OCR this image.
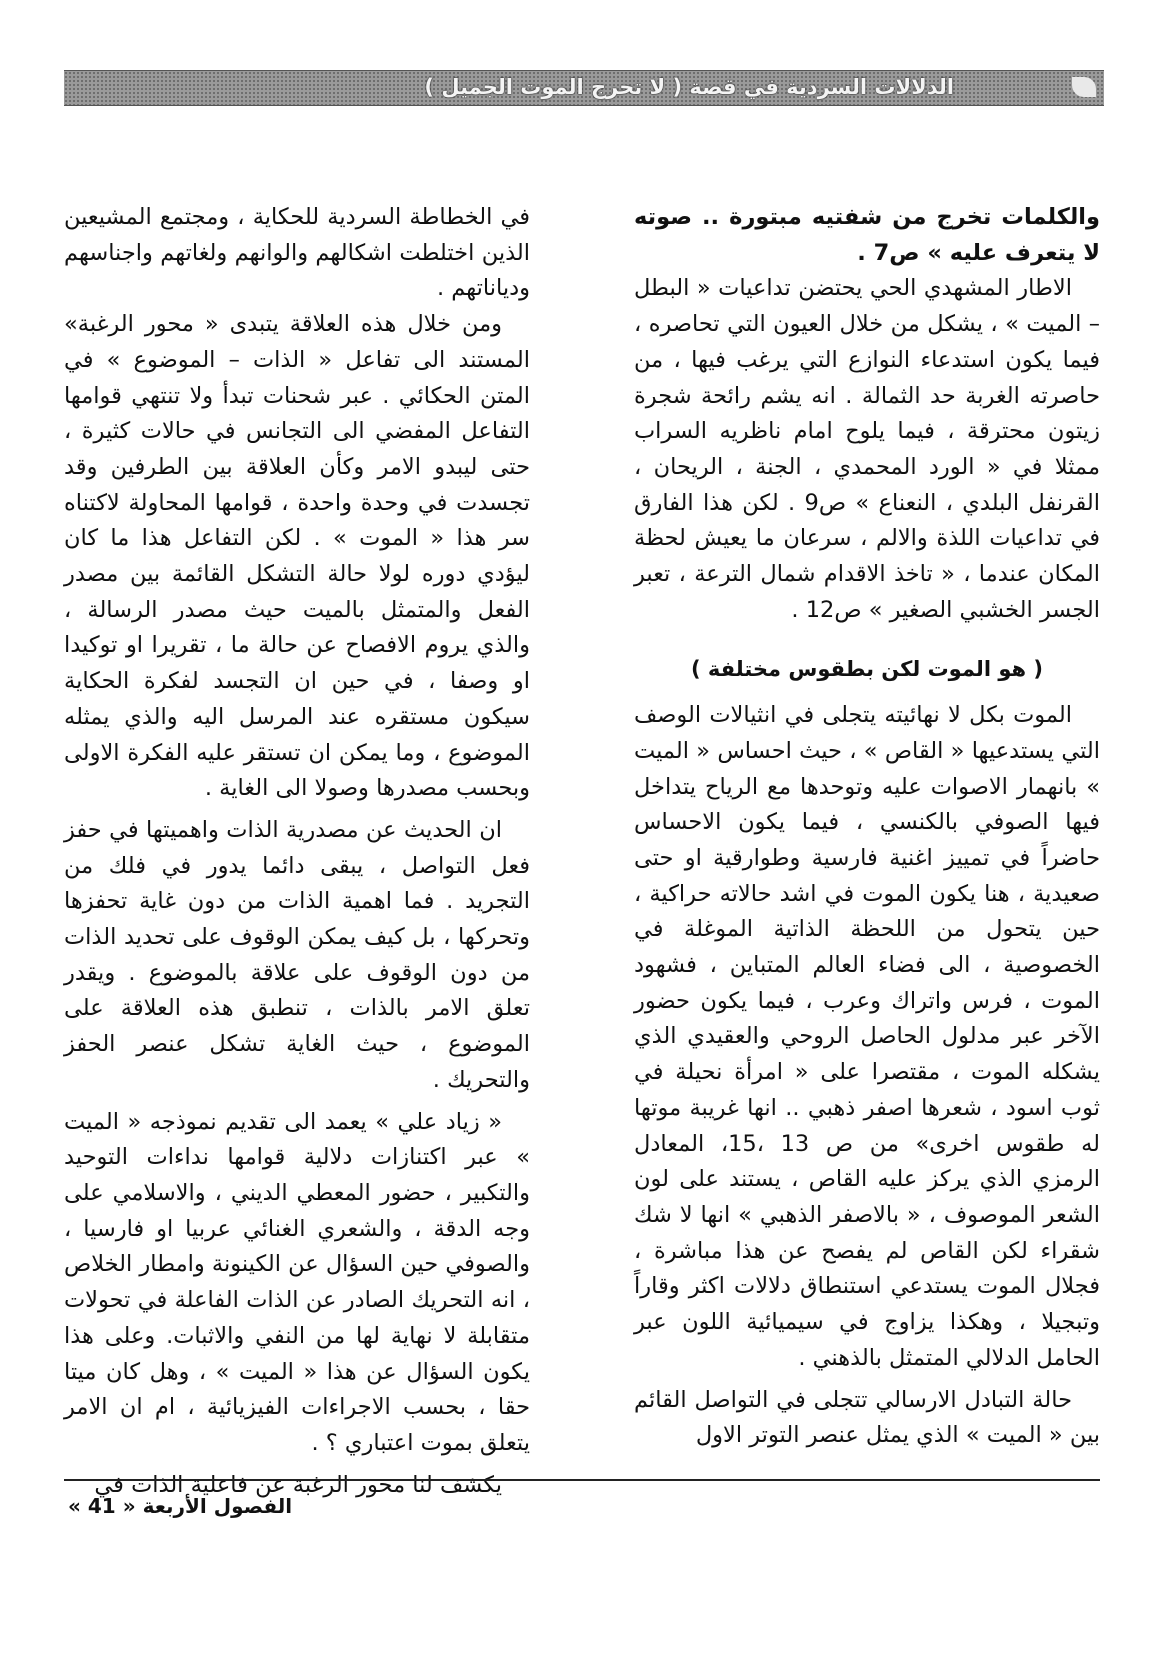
الدلالات السردية في قصة ( لا تحرج الموت الجميل )

والكلمات تخرج من شفتيه مبتورة .. صوته لا يتعرف عليه » ص7 .

الاطار المشهدي الحي يحتضن تداعيات « البطل – الميت » ، يشكل من خلال العيون التي تحاصره ، فيما يكون استدعاء النوازع التي يرغب فيها ، من حاصرته الغربة حد الثمالة . انه يشم رائحة شجرة زيتون محترقة ، فيما يلوح امام ناظريه السراب ممثلا في « الورد المحمدي ، الجنة ، الريحان ، القرنفل البلدي ، النعناع » ص9 . لكن هذا الفارق في تداعيات اللذة والالم ، سرعان ما يعيش لحظة المكان عندما ، « تاخذ الاقدام شمال الترعة ، تعبر الجسر الخشبي الصغير » ص12 .

( هو الموت لكن بطقوس مختلفة )

الموت بكل لا نهائيته يتجلى في انثيالات الوصف التي يستدعيها « القاص » ، حيث احساس « الميت » بانهمار الاصوات عليه وتوحدها مع الرياح يتداخل فيها الصوفي بالكنسي ، فيما يكون الاحساس حاضراً في تمييز اغنية فارسية وطوارقية او حتى صعيدية ، هنا يكون الموت في اشد حالاته حراكية ، حين يتحول من اللحظة الذاتية الموغلة في الخصوصية ، الى فضاء العالم المتباين ، فشهود الموت ، فرس واتراك وعرب ، فيما يكون حضور الآخر عبر مدلول الحاصل الروحي والعقيدي الذي يشكله الموت ، مقتصرا على « امرأة نحيلة في ثوب اسود ، شعرها اصفر ذهبي .. انها غريبة موتها له طقوس اخرى» من ص 13 ،15، المعادل الرمزي الذي يركز عليه القاص ، يستند على لون الشعر الموصوف ، « بالاصفر الذهبي » انها لا شك شقراء لكن القاص لم يفصح عن هذا مباشرة ، فجلال الموت يستدعي استنطاق دلالات اكثر وقاراً وتبجيلا ، وهكذا يزاوج في سيميائية اللون عبر الحامل الدلالي المتمثل بالذهني .

حالة التبادل الارسالي تتجلى في التواصل القائم بين « الميت » الذي يمثل عنصر التوتر الاول

في الخطاطة السردية للحكاية ، ومجتمع المشيعين الذين اختلطت اشكالهم والوانهم ولغاتهم واجناسهم ودياناتهم .

ومن خلال هذه العلاقة يتبدى « محور الرغبة» المستند الى تفاعل « الذات – الموضوع » في المتن الحكائي . عبر شحنات تبدأ ولا تنتهي قوامها التفاعل المفضي الى التجانس في حالات كثيرة ، حتى ليبدو الامر وكأن العلاقة بين الطرفين وقد تجسدت في وحدة واحدة ، قوامها المحاولة لاكتناه سر هذا « الموت » . لكن التفاعل هذا ما كان ليؤدي دوره لولا حالة التشكل القائمة بين مصدر الفعل والمتمثل بالميت حيث مصدر الرسالة ، والذي يروم الافصاح عن حالة ما ، تقريرا او توكيدا او وصفا ، في حين ان التجسد لفكرة الحكاية سيكون مستقره عند المرسل اليه والذي يمثله الموضوع ، وما يمكن ان تستقر عليه الفكرة الاولى وبحسب مصدرها وصولا الى الغاية .

ان الحديث عن مصدرية الذات واهميتها في حفز فعل التواصل ، يبقى دائما يدور في فلك من التجريد . فما اهمية الذات من دون غاية تحفزها وتحركها ، بل كيف يمكن الوقوف على تحديد الذات من دون الوقوف على علاقة بالموضوع . ويقدر تعلق الامر بالذات ، تنطبق هذه العلاقة على الموضوع ، حيث الغاية تشكل عنصر الحفز والتحريك .

« زياد علي » يعمد الى تقديم نموذجه « الميت » عبر اكتنازات دلالية قوامها نداءات التوحيد والتكبير ، حضور المعطي الديني ، والاسلامي على وجه الدقة ، والشعري الغنائي عربيا او فارسيا ، والصوفي حين السؤال عن الكينونة وامطار الخلاص ، انه التحريك الصادر عن الذات الفاعلة في تحولات متقابلة لا نهاية لها من النفي والاثبات. وعلى هذا يكون السؤال عن هذا « الميت » ، وهل كان ميتا حقا ، بحسب الاجراءات الفيزيائية ، ام ان الامر يتعلق بموت اعتباري ؟ .

يكشف لنا محور الرغبة عن فاعلية الذات في

الفصول الأربعة « 41 »
